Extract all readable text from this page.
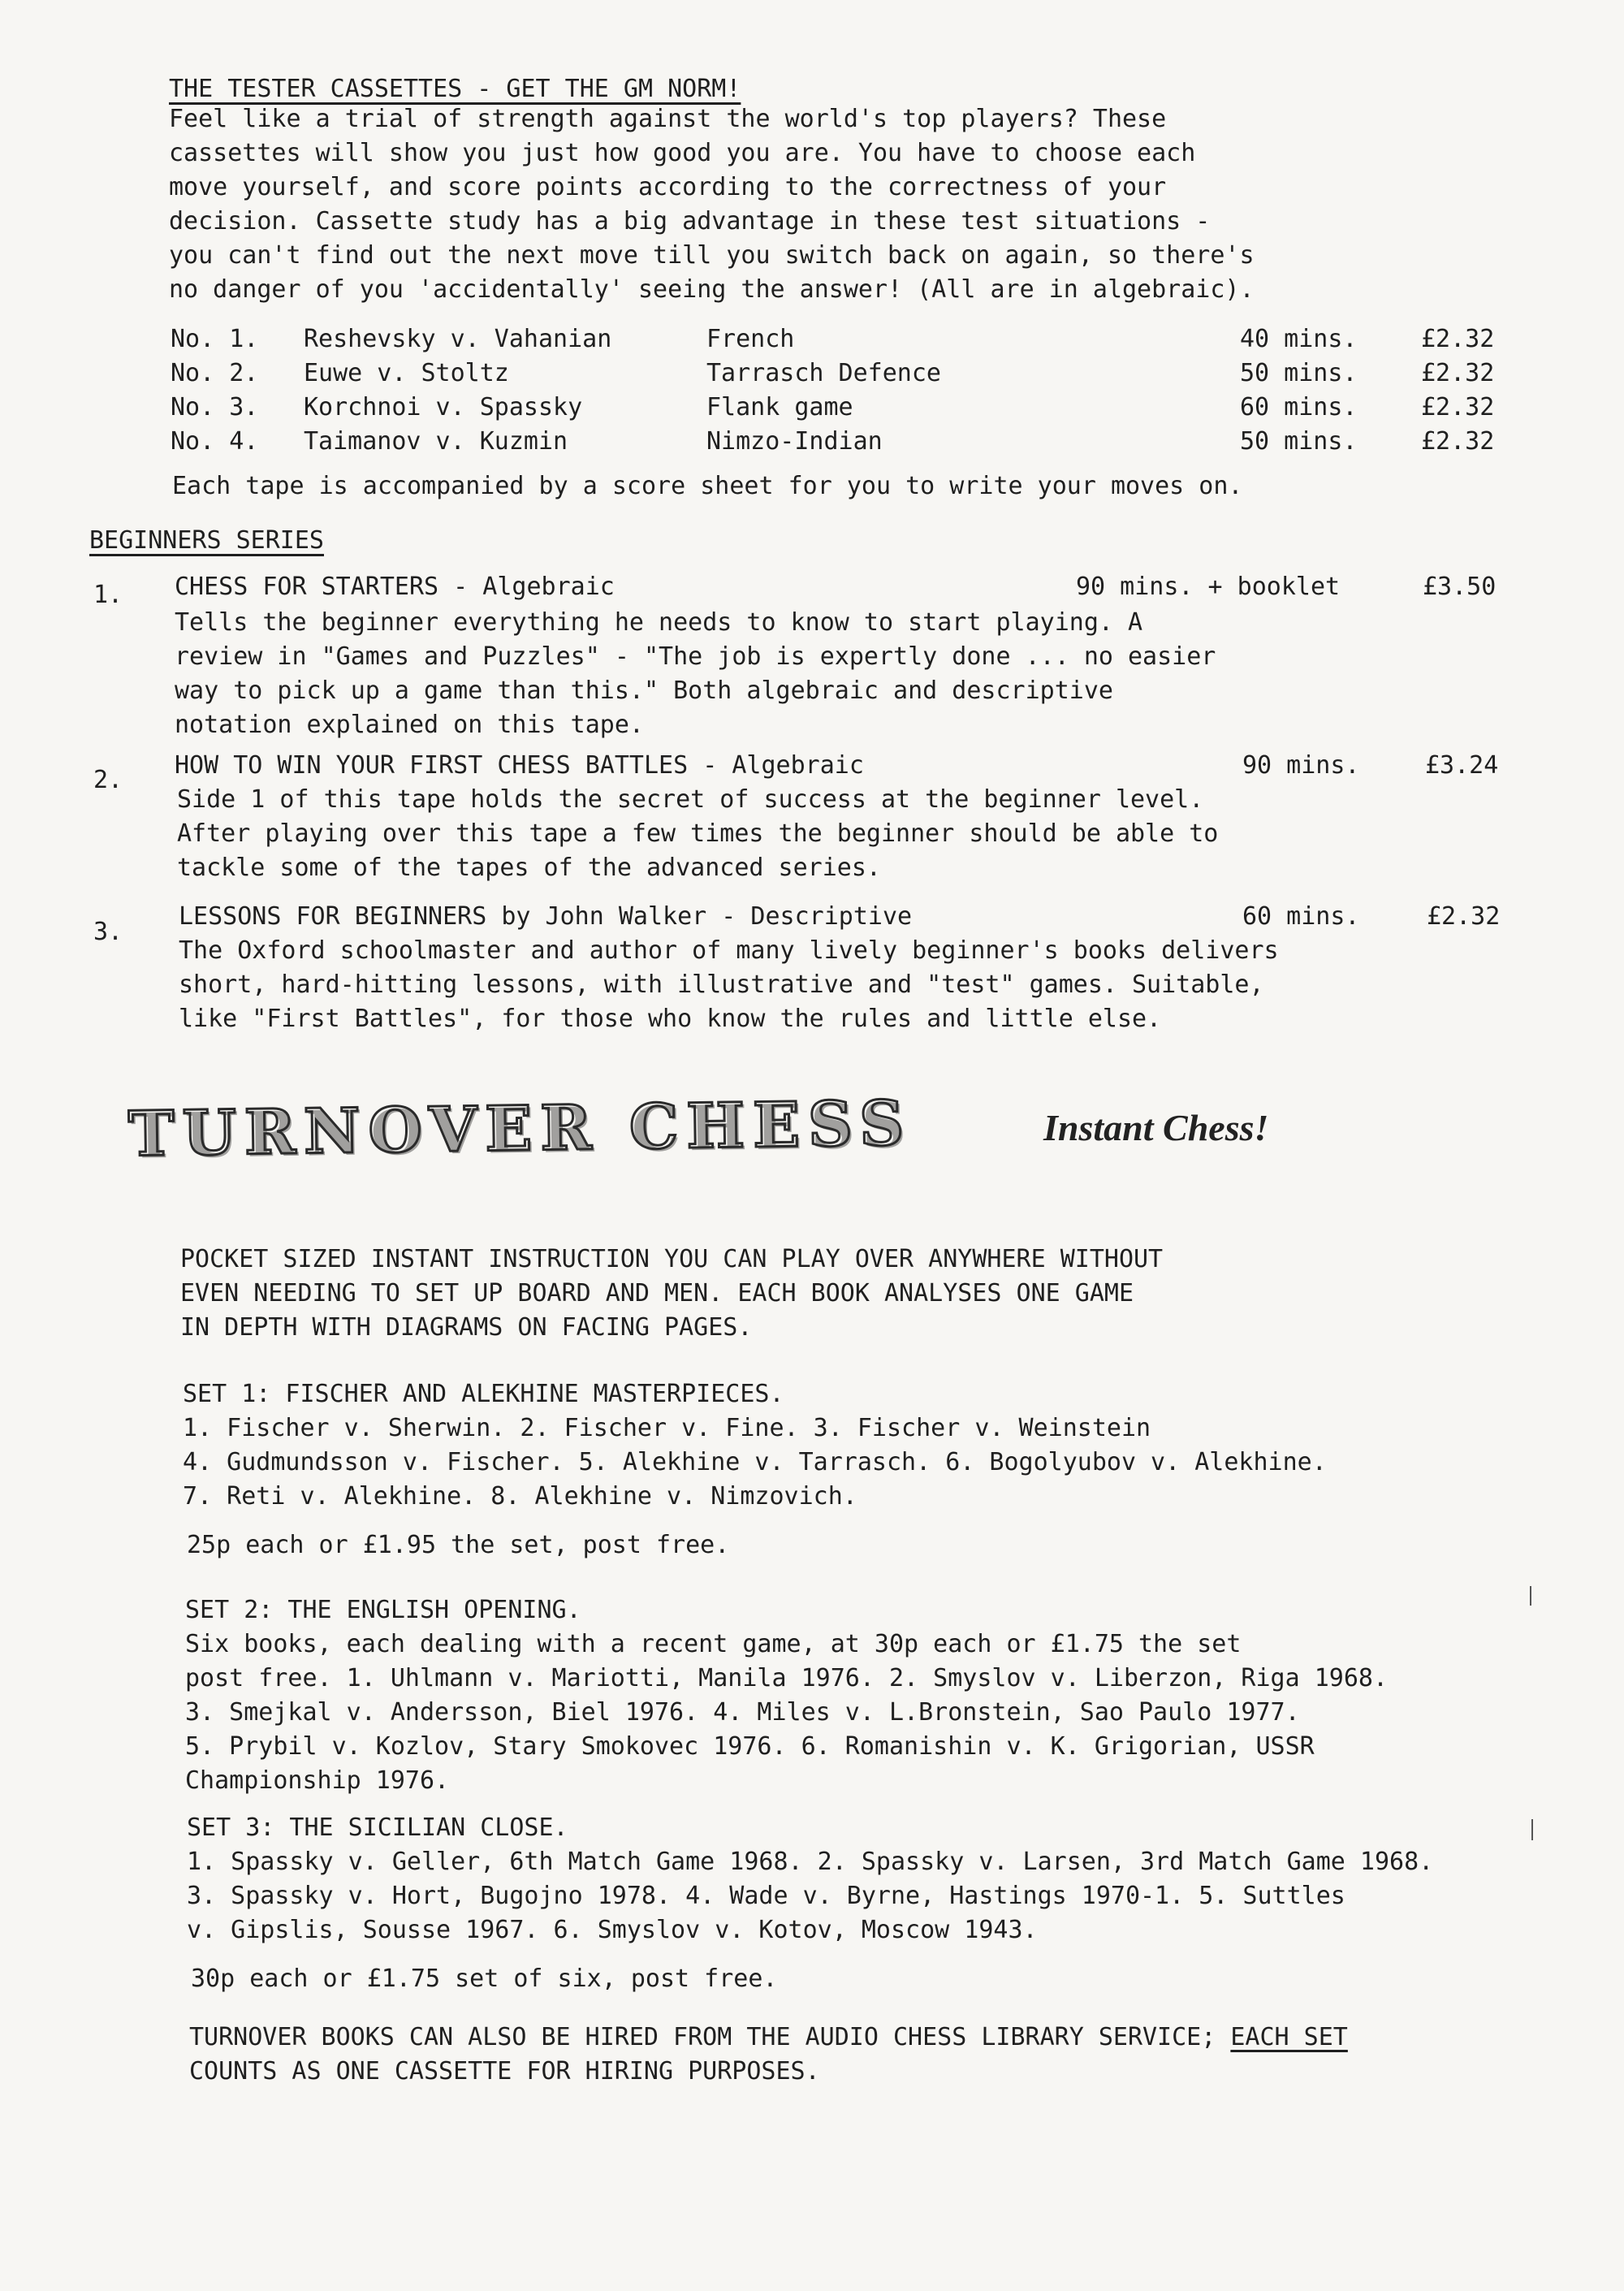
THE TESTER CASSETTES - GET THE GM NORM!
Feel like a trial of strength against the world's top players? These
cassettes will show you just how good you are. You have to choose each
move yourself, and score points according to the correctness of your
decision. Cassette study has a big advantage in these test situations -
you can't find out the next move till you switch back on again, so there's
no danger of you 'accidentally' seeing the answer! (All are in algebraic).
No. 1. Reshevsky v. Vahanian	French	40 mins.	£2.32
No. 2. Euwe v. Stoltz	Tarrasch Defence	50 mins.	£2.32
No. 3. Korchnoi v. Spassky	Flank game	60 mins.	£2.32
No. 4. Taimanov v. Kuzmin	Nimzo-Indian	50 mins.	£2.32
Each tape is accompanied by a score sheet for you to write your moves on.
BEGINNERS SERIES
1. CHESS FOR STARTERS - Algebraic	90 mins. + booklet	£3.50
Tells the beginner everything he needs to know to start playing. A
review in "Games and Puzzles" - "The job is expertly done ... no easier
way to pick up a game than this." Both algebraic and descriptive
notation explained on this tape.
2.
HOW TO WIN YOUR FIRST CHESS BATTLES - Algebraic	90 mins.	£3.24
Side 1 of this tape holds the secret of success at the beginner level.
After playing over this tape a few times the beginner should be able to
tackle some of the tapes of the advanced series.
3.
LESSONS FOR BEGINNERS by John Walker - Descriptive	60 mins.	£2.32
The Oxford schoolmaster and author of many lively beginner's books delivers
short, hard-hitting lessons, with illustrative and "test" games. Suitable,
like "First Battles", for those who know the rules and little else.
TURNOVER CHESS	Instant Chess!
POCKET SIZED INSTANT INSTRUCTION YOU CAN PLAY OVER ANYWHERE WITHOUT
EVEN NEEDING TO SET UP BOARD AND MEN. EACH BOOK ANALYSES ONE GAME
IN DEPTH WITH DIAGRAMS ON FACING PAGES.
SET 1: FISCHER AND ALEKHINE MASTERPIECES.
1. Fischer v. Sherwin. 2. Fischer v. Fine. 3. Fischer v. Weinstein
4. Gudmundsson v. Fischer. 5. Alekhine v. Tarrasch. 6. Bogolyubov v. Alekhine.
7. Reti v. Alekhine. 8. Alekhine v. Nimzovich.
25p each or £1.95 the set, post free.
SET 2: THE ENGLISH OPENING.
Six books, each dealing with a recent game, at 30p each or £1.75 the set
post free. 1. Uhlmann v. Mariotti, Manila 1976. 2. Smyslov v. Liberzon, Riga 1968.
3. Smejkal v. Andersson, Biel 1976. 4. Miles v. L.Bronstein, Sao Paulo 1977.
5. Prybil v. Kozlov, Stary Smokovec 1976. 6. Romanishin v. K. Grigorian, USSR
Championship 1976.
SET 3: THE SICILIAN CLOSE.
1. Spassky v. Geller, 6th Match Game 1968. 2. Spassky v. Larsen, 3rd Match Game 1968.
3. Spassky v. Hort, Bugojno 1978. 4. Wade v. Byrne, Hastings 1970-1. 5. Suttles
v. Gipslis, Sousse 1967. 6. Smyslov v. Kotov, Moscow 1943.
30p each or £1.75 set of six, post free.
TURNOVER BOOKS CAN ALSO BE HIRED FROM THE AUDIO CHESS LIBRARY SERVICE; EACH SET
COUNTS AS ONE CASSETTE FOR HIRING PURPOSES.
